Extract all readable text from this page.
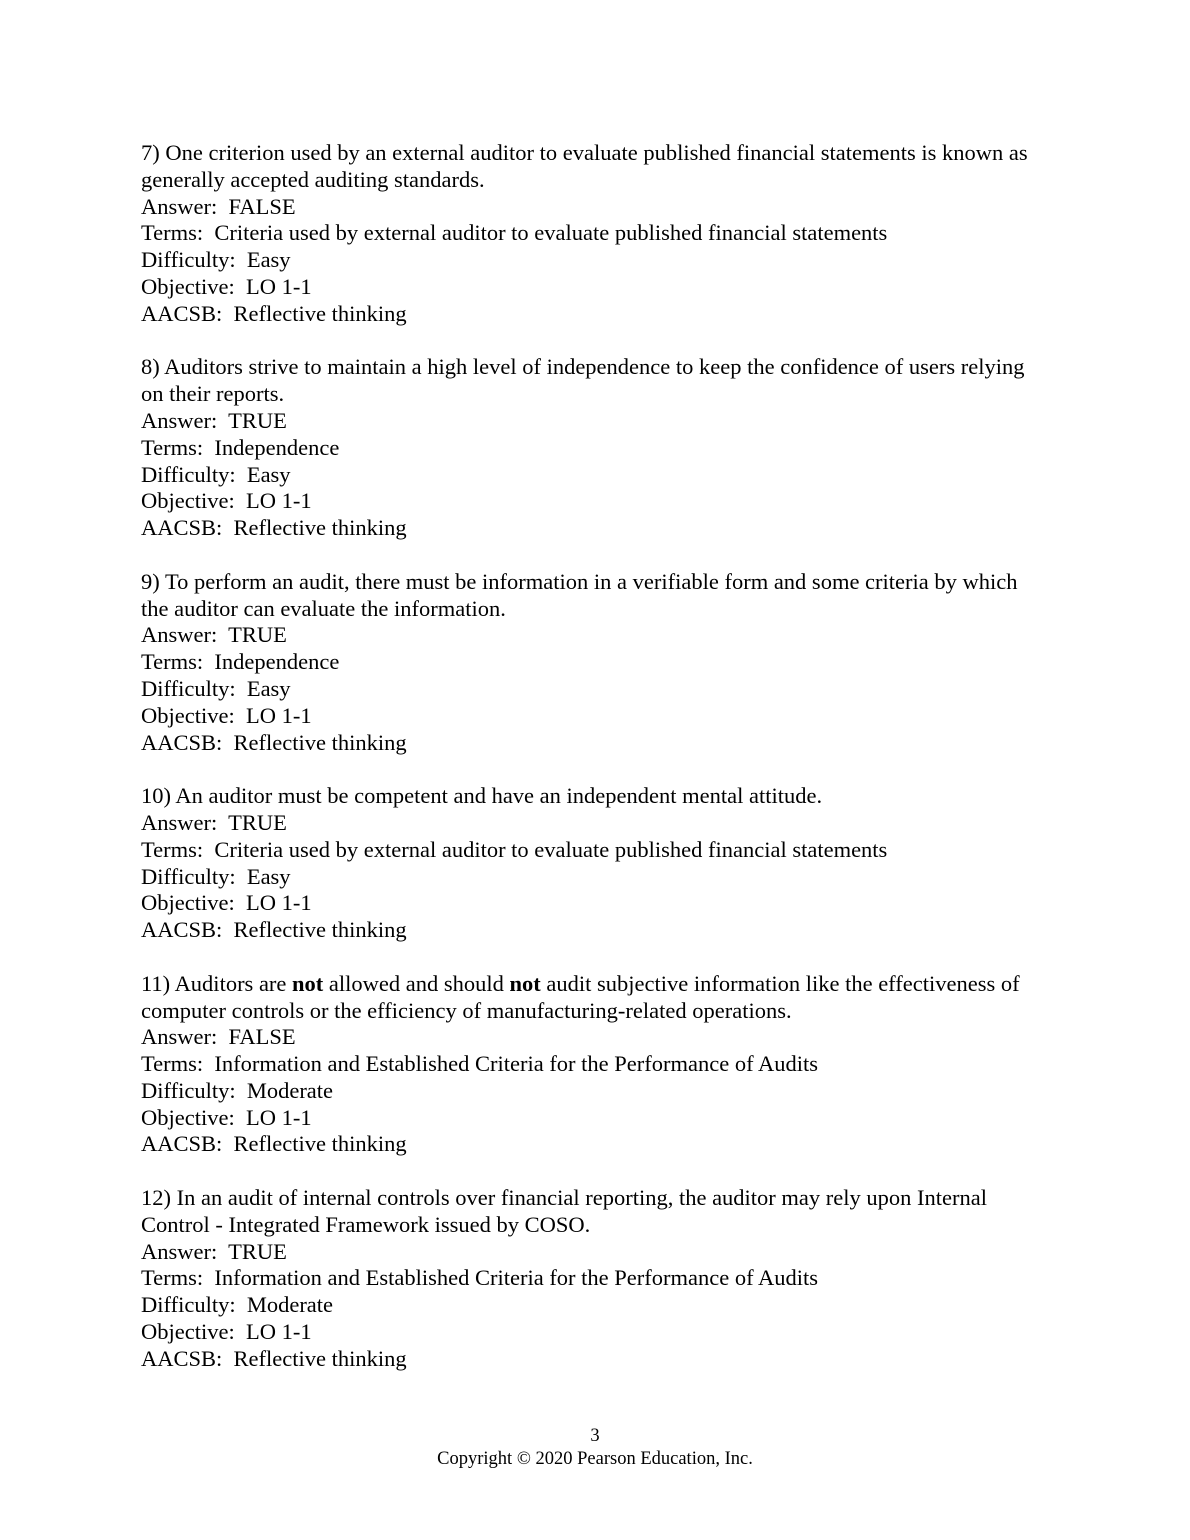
7) One criterion used by an external auditor to evaluate published financial statements is known as generally accepted auditing standards.
Answer:  FALSE
Terms:  Criteria used by external auditor to evaluate published financial statements
Difficulty:  Easy
Objective:  LO 1-1
AACSB:  Reflective thinking
8) Auditors strive to maintain a high level of independence to keep the confidence of users relying on their reports.
Answer:  TRUE
Terms:  Independence
Difficulty:  Easy
Objective:  LO 1-1
AACSB:  Reflective thinking
9) To perform an audit, there must be information in a verifiable form and some criteria by which the auditor can evaluate the information.
Answer:  TRUE
Terms:  Independence
Difficulty:  Easy
Objective:  LO 1-1
AACSB:  Reflective thinking
10) An auditor must be competent and have an independent mental attitude.
Answer:  TRUE
Terms:  Criteria used by external auditor to evaluate published financial statements
Difficulty:  Easy
Objective:  LO 1-1
AACSB:  Reflective thinking
11) Auditors are not allowed and should not audit subjective information like the effectiveness of computer controls or the efficiency of manufacturing-related operations.
Answer:  FALSE
Terms:  Information and Established Criteria for the Performance of Audits
Difficulty:  Moderate
Objective:  LO 1-1
AACSB:  Reflective thinking
12) In an audit of internal controls over financial reporting, the auditor may rely upon Internal Control - Integrated Framework issued by COSO.
Answer:  TRUE
Terms:  Information and Established Criteria for the Performance of Audits
Difficulty:  Moderate
Objective:  LO 1-1
AACSB:  Reflective thinking
3
Copyright © 2020 Pearson Education, Inc.
